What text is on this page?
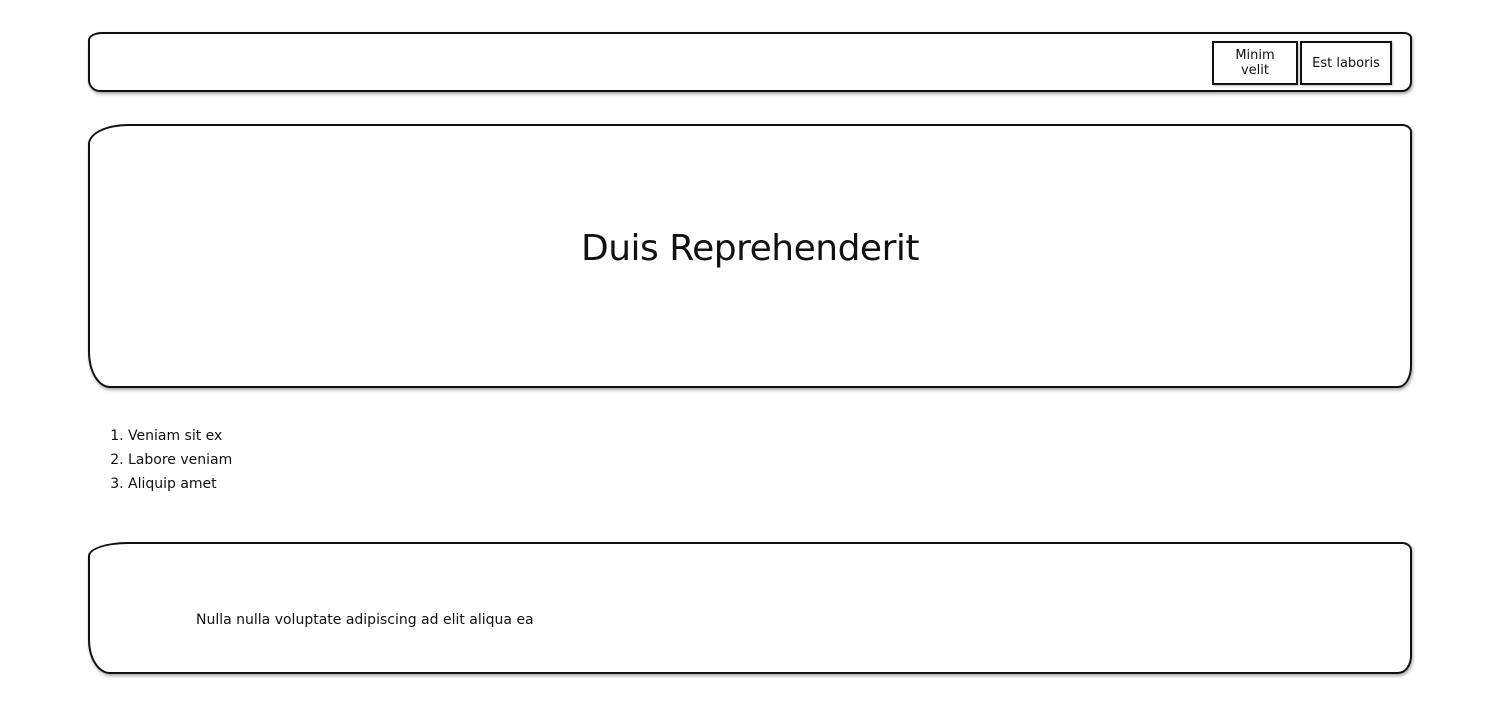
Minim velit	Est laboris
Duis Reprehenderit
1. Veniam sit ex
2. Labore veniam
3. Aliquip amet

Nulla nulla voluptate adipiscing ad elit aliqua ea
